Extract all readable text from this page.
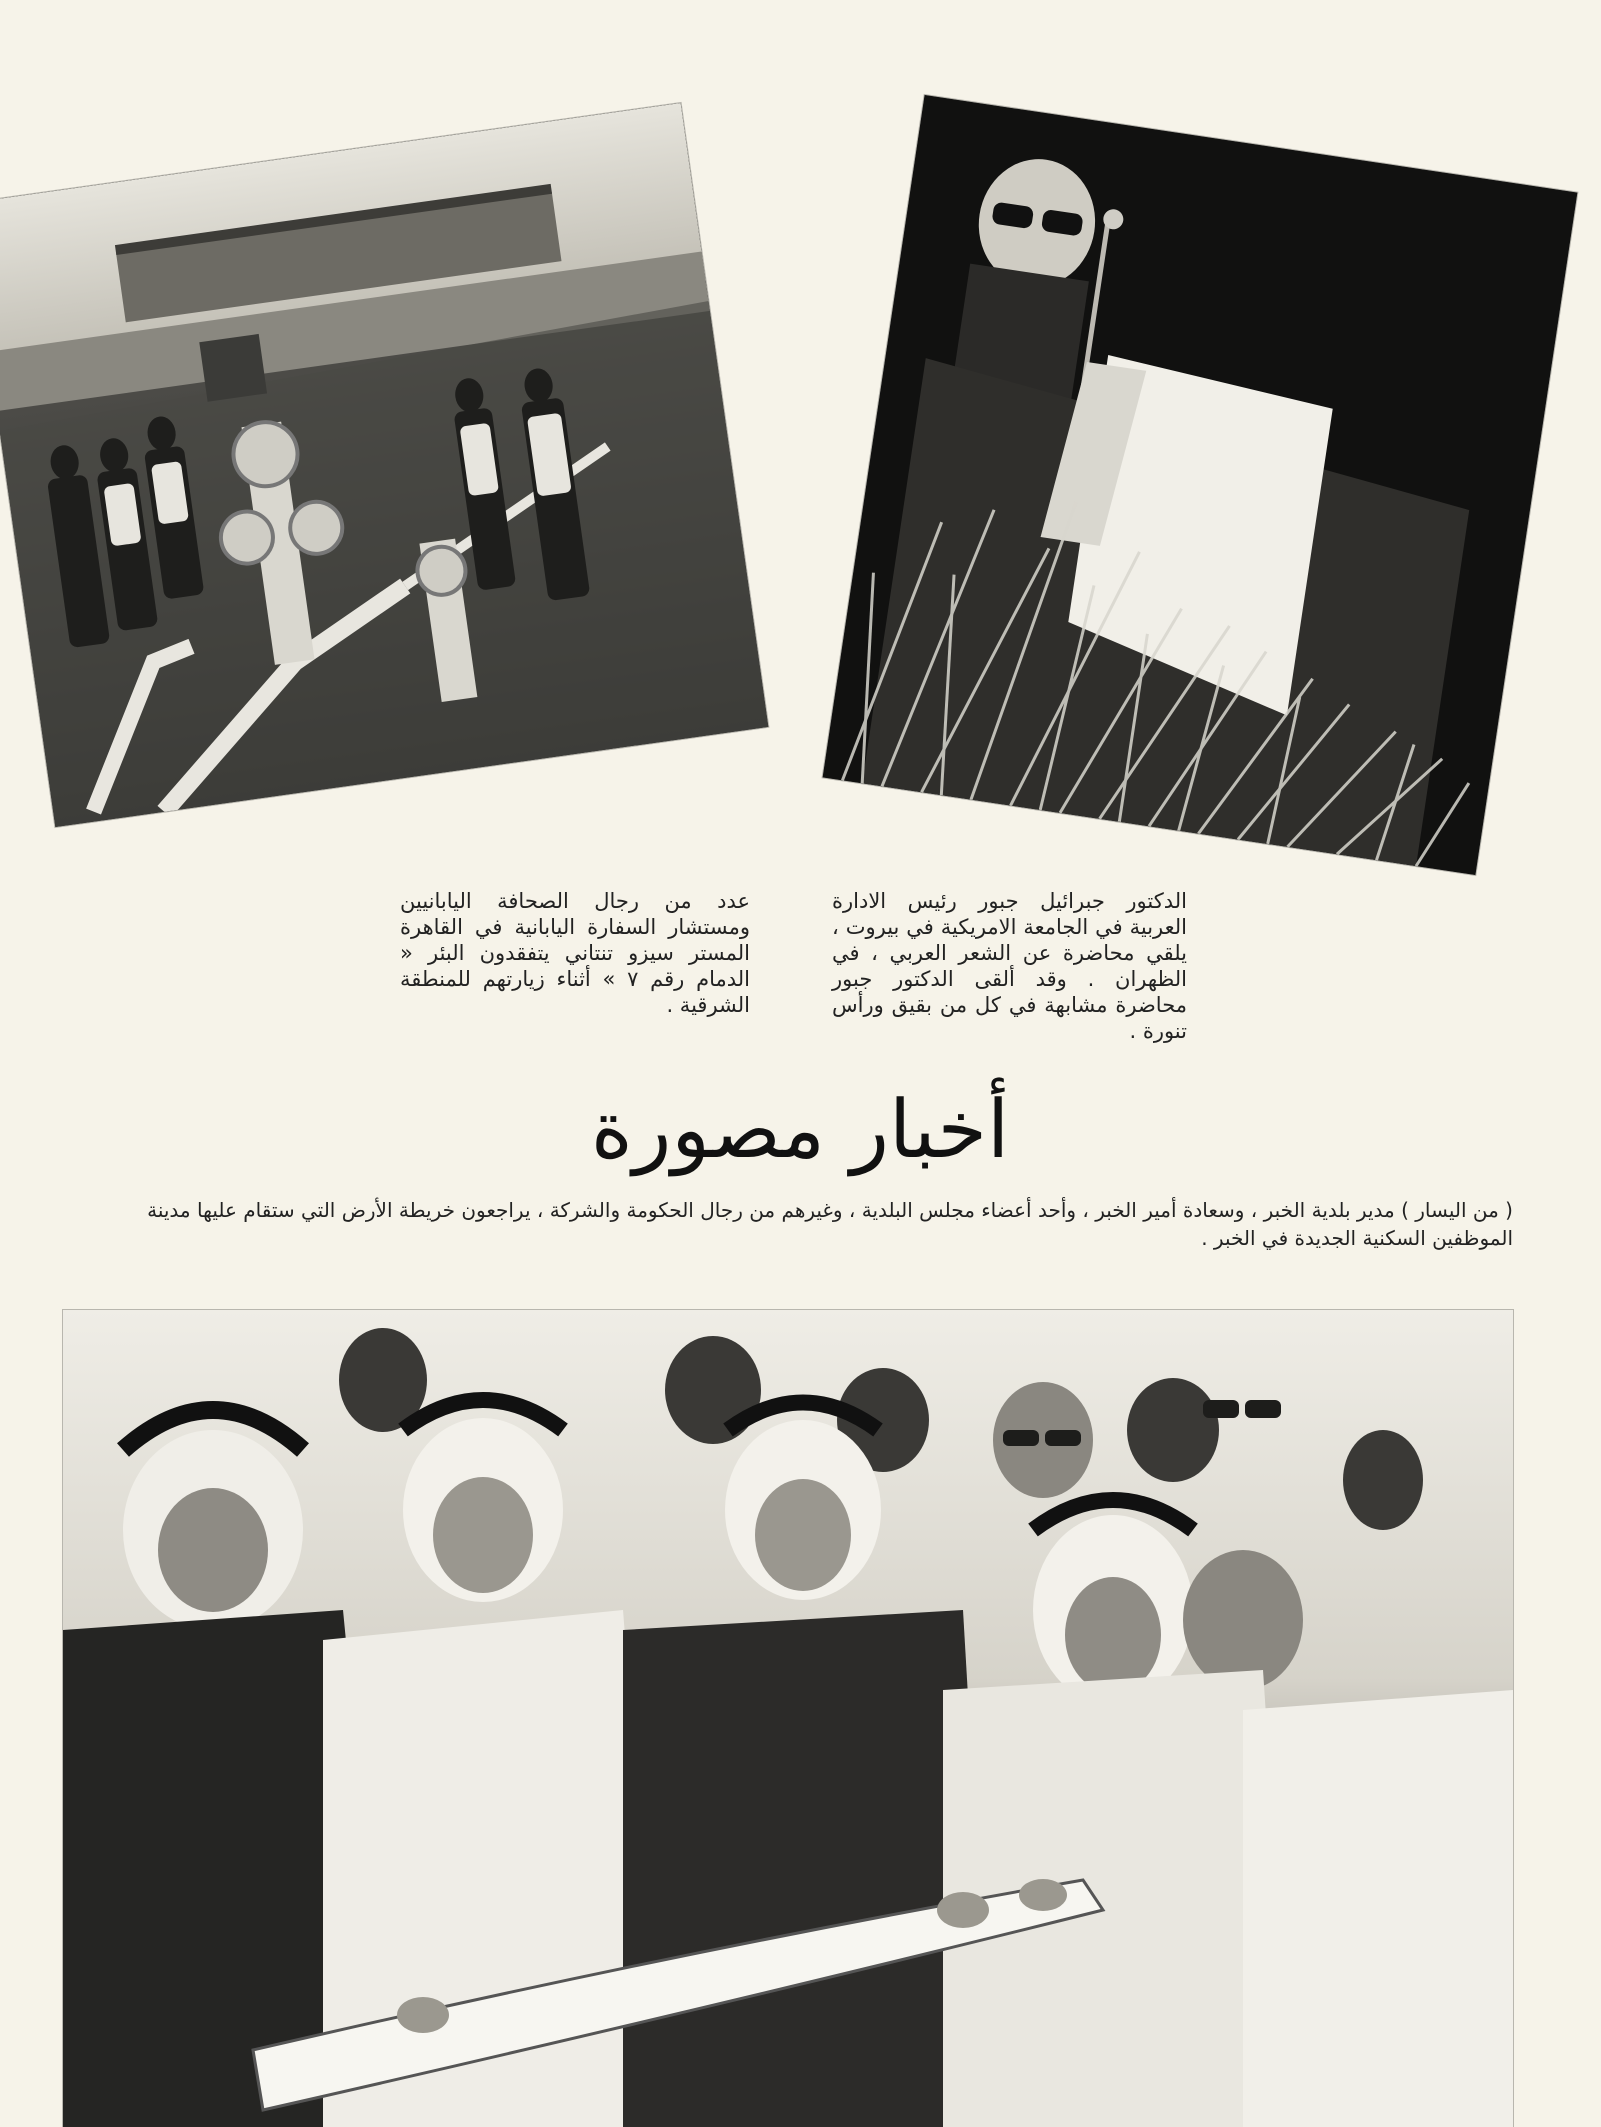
عدد من رجال الصحافة اليابانيين ومستشار السفارة اليابانية في القاهرة المستر سيزو تنتاني يتفقدون البئر « الدمام رقم ٧ » أثناء زيارتهم للمنطقة الشرقية .
الدكتور جبرائيل جبور رئيس الادارة العربية في الجامعة الامريكية في بيروت ، يلقي محاضرة عن الشعر العربي ، في الظهران . وقد ألقى الدكتور جبور محاضرة مشابهة في كل من بقيق ورأس تنورة .
أخبار مصورة
( من اليسار ) مدير بلدية الخبر ، وسعادة أمير الخبر ، وأحد أعضاء مجلس البلدية ، وغيرهم من رجال الحكومة والشركة ، يراجعون خريطة الأرض التي ستقام عليها مدينة الموظفين السكنية الجديدة في الخبر .
